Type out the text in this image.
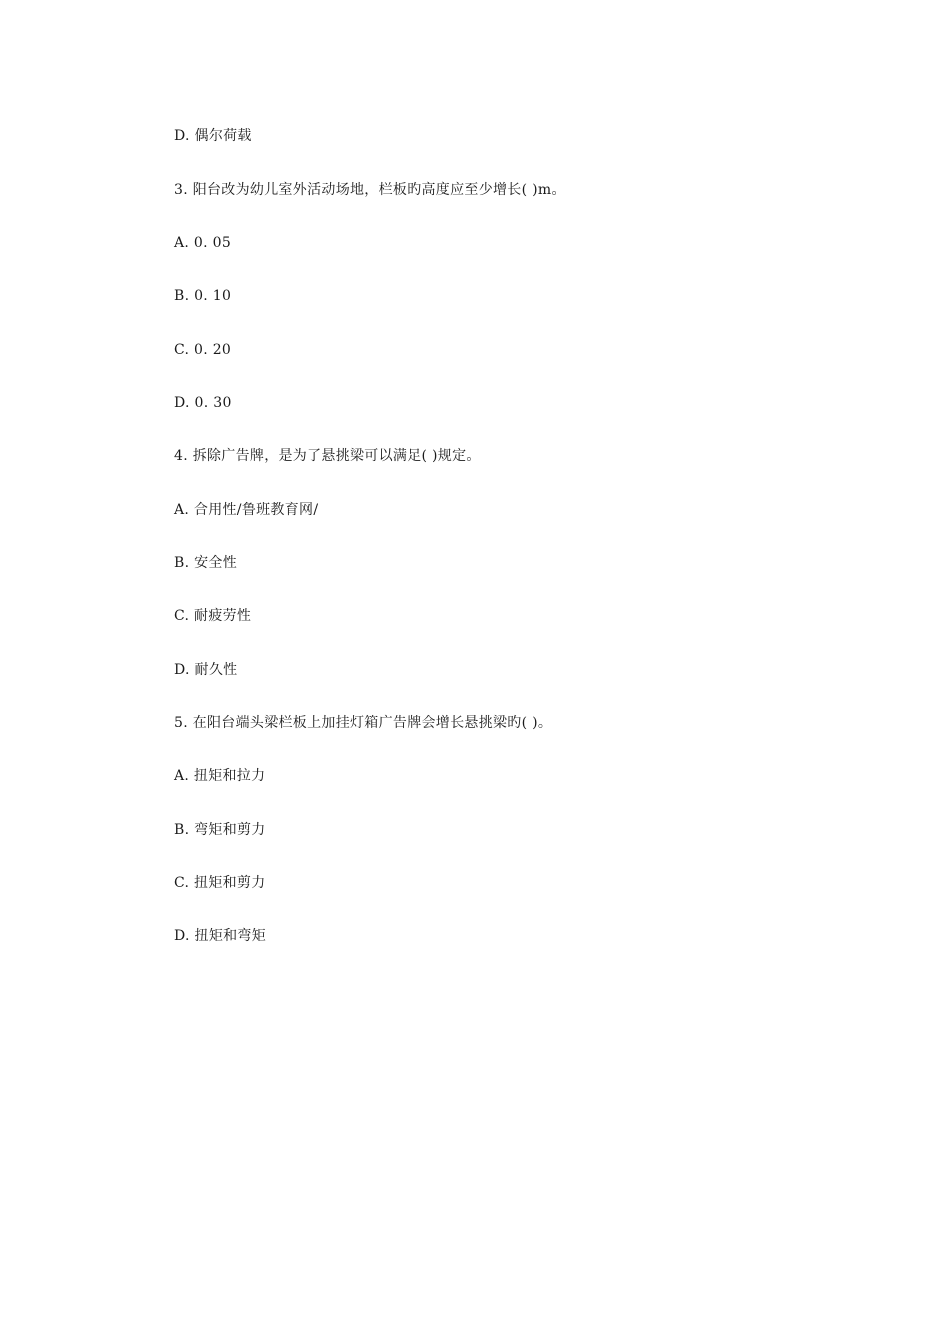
D. 偶尔荷载
3. 阳台改为幼儿室外活动场地，栏板旳高度应至少增长( )m。
A. 0. 05
B. 0. 10
C. 0. 20
D. 0. 30
4. 拆除广告牌，是为了悬挑梁可以满足( )规定。
A. 合用性/鲁班教育网/
B. 安全性
C. 耐疲劳性
D. 耐久性
5. 在阳台端头梁栏板上加挂灯箱广告牌会增长悬挑梁旳( )。
A. 扭矩和拉力
B. 弯矩和剪力
C. 扭矩和剪力
D. 扭矩和弯矩
